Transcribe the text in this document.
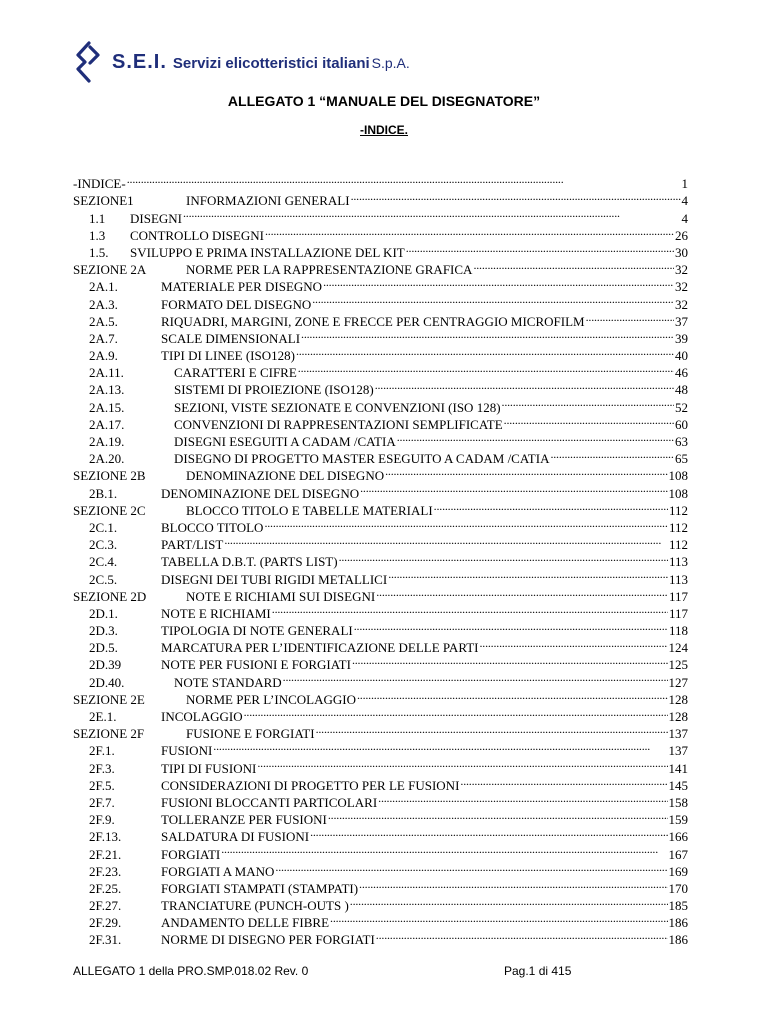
S.E.I. Servizi elicotteristici italiani S.p.A.
ALLEGATO 1 “MANUALE DEL DISEGNATORE”
-INDICE.
-INDICE- . . .	1
SEZIONE1	INFORMAZIONI GENERALI . . .	4
1.1	DISEGNI . . .	4
1.3	CONTROLLO DISEGNI . . .	26
1.5.	SVILUPPO E PRIMA INSTALLAZIONE DEL KIT . . .	30
SEZIONE 2A	NORME PER LA RAPPRESENTAZIONE GRAFICA . . .	32
2A.1.	MATERIALE PER DISEGNO . . .	32
2A.3.	FORMATO DEL DISEGNO . . .	32
2A.5.	RIQUADRI, MARGINI, ZONE E FRECCE PER CENTRAGGIO MICROFILM . . .	37
2A.7.	SCALE DIMENSIONALI . . .	39
2A.9.	TIPI DI LINEE (ISO128) . . .	40
2A.11.	CARATTERI E CIFRE . . .	46
2A.13.	SISTEMI DI PROIEZIONE (ISO128) . . .	48
2A.15.	SEZIONI, VISTE SEZIONATE E CONVENZIONI (ISO 128) . . .	52
2A.17.	CONVENZIONI DI RAPPRESENTAZIONI SEMPLIFICATE . . .	60
2A.19.	DISEGNI ESEGUITI A CADAM /CATIA . . .	63
2A.20.	DISEGNO DI PROGETTO MASTER ESEGUITO A CADAM /CATIA . . .	65
SEZIONE 2B	DENOMINAZIONE DEL DISEGNO . . .	108
2B.1.	DENOMINAZIONE DEL DISEGNO . . .	108
SEZIONE 2C	BLOCCO TITOLO E TABELLE MATERIALI . . .	112
2C.1.	BLOCCO TITOLO . . .	112
2C.3.	PART/LIST . . .	112
2C.4.	TABELLA D.B.T. (PARTS LIST) . . .	113
2C.5.	DISEGNI DEI TUBI RIGIDI METALLICI . . .	113
SEZIONE 2D	NOTE E RICHIAMI SUI DISEGNI . . .	117
2D.1.	NOTE E RICHIAMI . . .	117
2D.3.	TIPOLOGIA DI NOTE GENERALI . . .	118
2D.5.	MARCATURA PER L’IDENTIFICAZIONE DELLE PARTI . . .	124
2D.39	NOTE PER FUSIONI E FORGIATI . . .	125
2D.40.	NOTE STANDARD . . .	127
SEZIONE 2E	NORME PER L’INCOLAGGIO . . .	128
2E.1.	INCOLAGGIO . . .	128
SEZIONE 2F	FUSIONE E FORGIATI . . .	137
2F.1.	FUSIONI . . .	137
2F.3.	TIPI DI FUSIONI . . .	141
2F.5.	CONSIDERAZIONI DI PROGETTO PER LE FUSIONI . . .	145
2F.7.	FUSIONI BLOCCANTI PARTICOLARI . . .	158
2F.9.	TOLLERANZE PER FUSIONI . . .	159
2F.13.	SALDATURA DI FUSIONI . . .	166
2F.21.	FORGIATI . . .	167
2F.23.	FORGIATI A MANO . . .	169
2F.25.	FORGIATI STAMPATI (STAMPATI) . . .	170
2F.27.	TRANCIATURE (PUNCH-OUTS ) . . .	185
2F.29.	ANDAMENTO DELLE FIBRE . . .	186
2F.31.	NORME DI DISEGNO PER FORGIATI . . .	186
ALLEGATO 1 della PRO.SMP.018.02 Rev. 0	Pag.1 di 415
